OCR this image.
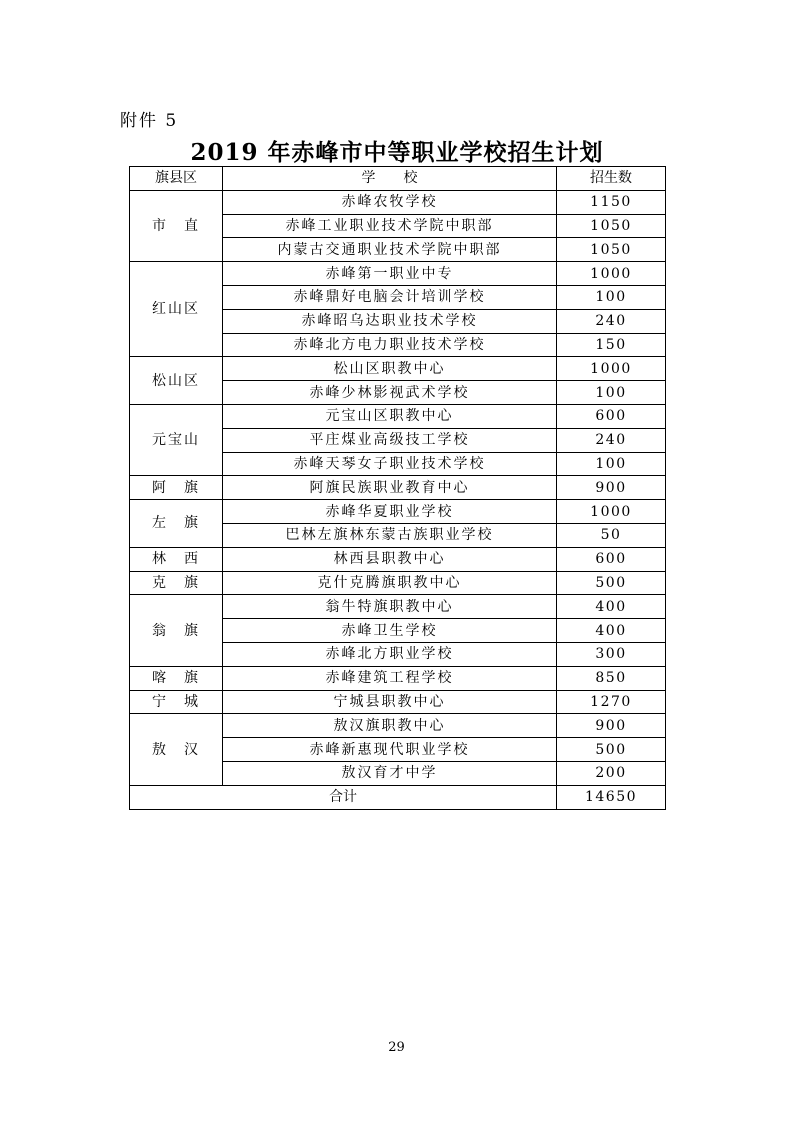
附件 5
2019 年赤峰市中等职业学校招生计划
旗县区	学　　校	招生数
市　直	赤峰农牧学校	1150
	赤峰工业职业技术学院中职部	1050
	内蒙古交通职业技术学院中职部	1050
红山区	赤峰第一职业中专	1000
	赤峰鼎好电脑会计培训学校	100
	赤峰昭乌达职业技术学校	240
	赤峰北方电力职业技术学校	150
松山区	松山区职教中心	1000
	赤峰少林影视武术学校	100
元宝山	元宝山区职教中心	600
	平庄煤业高级技工学校	240
	赤峰天琴女子职业技术学校	100
阿　旗	阿旗民族职业教育中心	900
左　旗	赤峰华夏职业学校	1000
	巴林左旗林东蒙古族职业学校	50
林　西	林西县职教中心	600
克　旗	克什克腾旗职教中心	500
翁　旗	翁牛特旗职教中心	400
	赤峰卫生学校	400
	赤峰北方职业学校	300
喀　旗	赤峰建筑工程学校	850
宁　城	宁城县职教中心	1270
敖　汉	敖汉旗职教中心	900
	赤峰新惠现代职业学校	500
	敖汉育才中学	200
合计		14650
29
